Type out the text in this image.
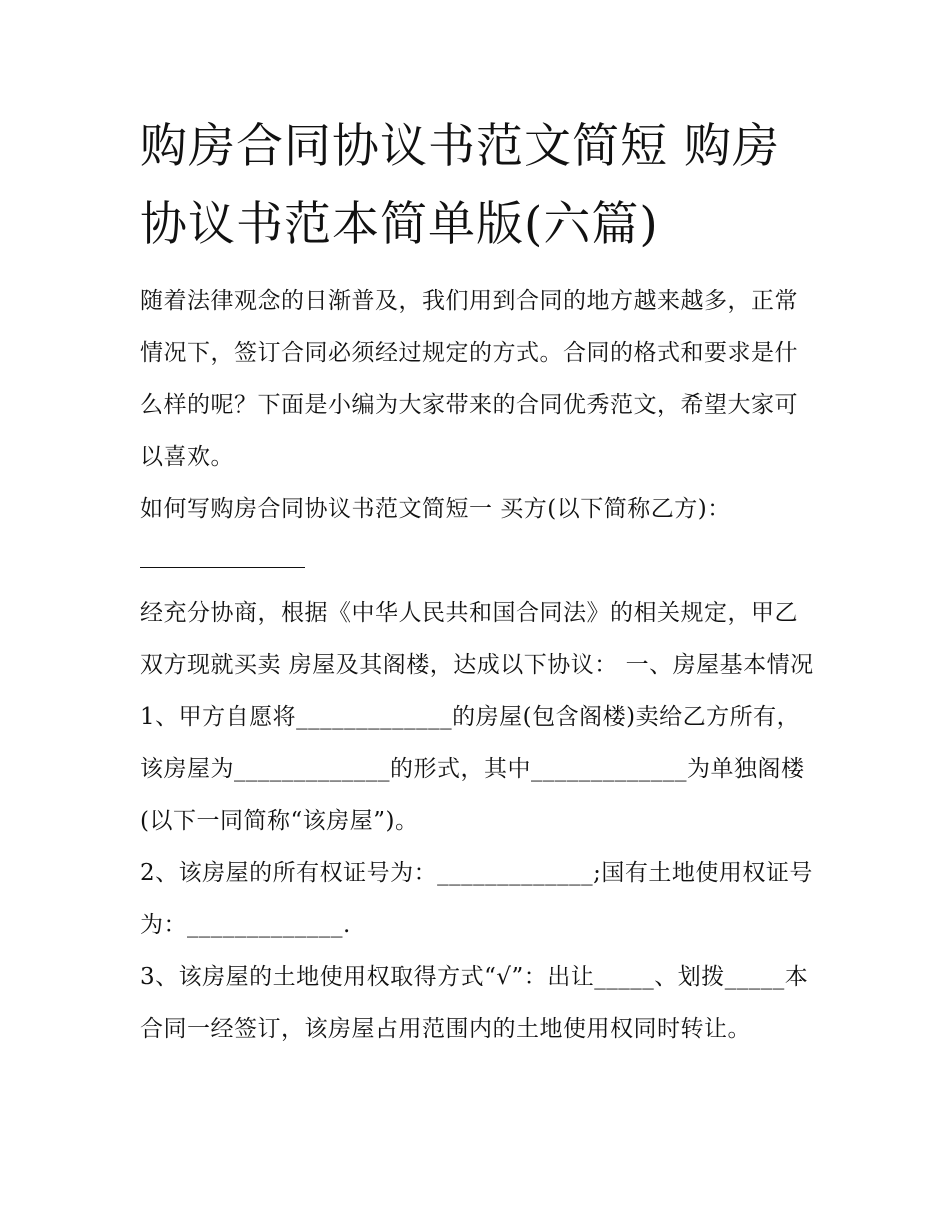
购房合同协议书范文简短 购房
协议书范本简单版(六篇)

随着法律观念的日渐普及，我们用到合同的地方越来越多，正常情况下，签订合同必须经过规定的方式。合同的格式和要求是什么样的呢？下面是小编为大家带来的合同优秀范文，希望大家可以喜欢。

如何写购房合同协议书范文简短一 买方(以下简称乙方)：

经充分协商，根据《中华人民共和国合同法》的相关规定，甲乙双方现就买卖 房屋及其阁楼，达成以下协议： 一、房屋基本情况

1、甲方自愿将_____________的房屋(包含阁楼)卖给乙方所有，该房屋为_____________的形式，其中_____________为单独阁楼(以下一同简称“该房屋”)。

2、该房屋的所有权证号为：_____________;国有土地使用权证号为：_____________.

3、该房屋的土地使用权取得方式“√”：出让_____、划拨_____本合同一经签订，该房屋占用范围内的土地使用权同时转让。
